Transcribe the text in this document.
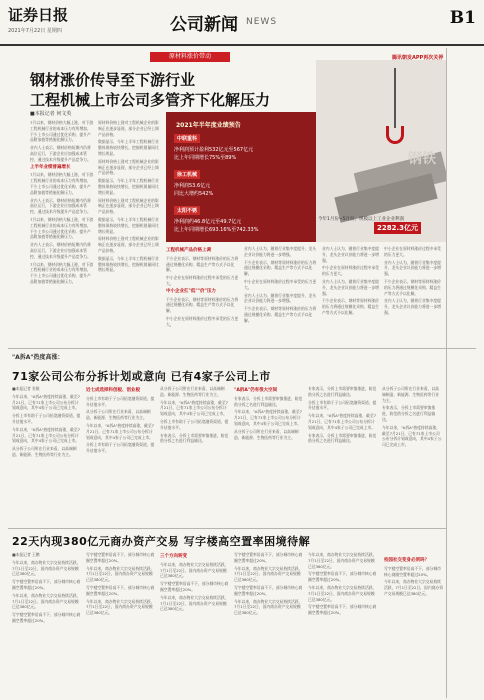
证券日报
2021年7月22日 星期四	公司新闻 NEWS	B1
原材料涨价带动
钢材涨价传导至下游行业
工程机械上市公司多管齐下化解压力
■本报记者 何文英

7月以来，钢材价格大幅上涨，对下游工程机械行业的成本压力有所增加，不少上市公司通过优化采购、提升产品附加值等措施化解压力。

业内人士表示，钢材价格短期内仍将高位运行，下游企业应加强成本管控，通过技术升级提升产品竞争力。

上半年业绩普遍增长

7月以来，钢材价格大幅上涨，对下游工程机械行业的成本压力有所增加，不少上市公司通过优化采购、提升产品附加值等措施化解压力。

业内人士表示，钢材价格短期内仍将高位运行，下游企业应加强成本管控，通过技术升级提升产品竞争力。

7月以来，钢材价格大幅上涨，对下游工程机械行业的成本压力有所增加，不少上市公司通过优化采购、提升产品附加值等措施化解压力。

业内人士表示，钢材价格短期内仍将高位运行，下游企业应加强成本管控，通过技术升级提升产品竞争力。

7月以来，钢材价格大幅上涨，对下游工程机械行业的成本压力有所增加，不少上市公司通过优化采购、提升产品附加值等措施化解压力。

原材料价格上涨对工程机械企业的影响正在逐步显现，部分企业已经上调产品价格。

数据显示，今年上半年工程机械行业整体保持较快增长，挖掘机销量同比增长明显。

原材料价格上涨对工程机械企业的影响正在逐步显现，部分企业已经上调产品价格。

数据显示，今年上半年工程机械行业整体保持较快增长，挖掘机销量同比增长明显。

原材料价格上涨对工程机械企业的影响正在逐步显现，部分企业已经上调产品价格。

数据显示，今年上半年工程机械行业整体保持较快增长，挖掘机销量同比增长明显。

原材料价格上涨对工程机械企业的影响正在逐步显现，部分企业已经上调产品价格。

数据显示，今年上半年工程机械行业整体保持较快增长，挖掘机销量同比增长明显。

2021年半年度业绩预告
中联重科
净利润预计盈利532亿元至567亿元
比上年同期增长75%至89%
徐工机械
净利润53.6亿元
同比大增约542%
太阳不锈
净利润约46.8亿元至49.7亿元
比上年同期增长693.16%至742.33%
钢铁
今年1月份~5月份，规模以上工业企业利润
2282.3亿元
工程机械产品价格上调

不少企业表示，钢材等原材料涨价的压力将通过规模化采购、精益生产等方式予以化解。

中小企业在原材料涨价过程中承受的压力更大。

中小企业扛"低""价"压力

不少企业表示，钢材等原材料涨价的压力将通过规模化采购、精益生产等方式予以化解。

中小企业在原材料涨价过程中承受的压力更大。

业内人士认为，随着行业集中度提升，龙头企业议价能力将进一步增强。

不少企业表示，钢材等原材料涨价的压力将通过规模化采购、精益生产等方式予以化解。

中小企业在原材料涨价过程中承受的压力更大。

业内人士认为，随着行业集中度提升，龙头企业议价能力将进一步增强。

不少企业表示，钢材等原材料涨价的压力将通过规模化采购、精益生产等方式予以化解。

业内人士认为，随着行业集中度提升，龙头企业议价能力将进一步增强。

中小企业在原材料涨价过程中承受的压力更大。

业内人士认为，随着行业集中度提升，龙头企业议价能力将进一步增强。

不少企业表示，钢材等原材料涨价的压力将通过规模化采购、精益生产等方式予以化解。

中小企业在原材料涨价过程中承受的压力更大。

业内人士认为，随着行业集中度提升，龙头企业议价能力将进一步增强。

不少企业表示，钢材等原材料涨价的压力将通过规模化采购、精益生产等方式予以化解。

业内人士认为，随着行业集中度提升，龙头企业议价能力将进一步增强。

"A拆A"热度高涨：
71家公司公布分拆计划或意向 已有4家子公司上市

■本报记者 张敏

今年以来，"A拆A"热度持续高涨，截至7月21日，已有71家上市公司公布分拆计划或意向，其中4家子公司已完成上市。

分拆上市有助于子公司拓宽融资渠道，提升估值水平。

今年以来，"A拆A"热度持续高涨，截至7月21日，已有71家上市公司公布分拆计划或意向，其中4家子公司已完成上市。

从分拆子公司所在行业来看，以高端制造、新能源、生物医药等行业为主。

近七成选择科创板、创业板

分拆上市有助于子公司拓宽融资渠道，提升估值水平。

从分拆子公司所在行业来看，以高端制造、新能源、生物医药等行业为主。

今年以来，"A拆A"热度持续高涨，截至7月21日，已有71家上市公司公布分拆计划或意向，其中4家子公司已完成上市。

分拆上市有助于子公司拓宽融资渠道，提升估值水平。

从分拆子公司所在行业来看，以高端制造、新能源、生物医药等行业为主。

今年以来，"A拆A"热度持续高涨，截至7月21日，已有71家上市公司公布分拆计划或意向，其中4家子公司已完成上市。

分拆上市有助于子公司拓宽融资渠道，提升估值水平。

专家表示，分拆上市需要审慎推进，防范借分拆之名进行利益输送。

"A拆A"仍有很大空间

专家表示，分拆上市需要审慎推进，防范借分拆之名进行利益输送。

今年以来，"A拆A"热度持续高涨，截至7月21日，已有71家上市公司公布分拆计划或意向，其中4家子公司已完成上市。

从分拆子公司所在行业来看，以高端制造、新能源、生物医药等行业为主。

专家表示，分拆上市需要审慎推进，防范借分拆之名进行利益输送。

分拆上市有助于子公司拓宽融资渠道，提升估值水平。

今年以来，"A拆A"热度持续高涨，截至7月21日，已有71家上市公司公布分拆计划或意向，其中4家子公司已完成上市。

专家表示，分拆上市需要审慎推进，防范借分拆之名进行利益输送。

从分拆子公司所在行业来看，以高端制造、新能源、生物医药等行业为主。

专家表示，分拆上市需要审慎推进，防范借分拆之名进行利益输送。

今年以来，"A拆A"热度持续高涨，截至7月21日，已有71家上市公司公布分拆计划或意向，其中4家子公司已完成上市。

22天内现380亿元商办资产交易 写字楼高空置率困境待解

■本报记者 王鹏

今年以来，商办物业大宗交易持续活跃，7月1日至22日，国内商办资产交易规模已达380亿元。

写字楼空置率居高不下，部分城市核心商圈空置率超过20%。

今年以来，商办物业大宗交易持续活跃，7月1日至22日，国内商办资产交易规模已达380亿元。

写字楼空置率居高不下，部分城市核心商圈空置率超过20%。

写字楼空置率居高不下，部分城市核心商圈空置率超过20%。

今年以来，商办物业大宗交易持续活跃，7月1日至22日，国内商办资产交易规模已达380亿元。

写字楼空置率居高不下，部分城市核心商圈空置率超过20%。

今年以来，商办物业大宗交易持续活跃，7月1日至22日，国内商办资产交易规模已达380亿元。

三个方向转变

今年以来，商办物业大宗交易持续活跃，7月1日至22日，国内商办资产交易规模已达380亿元。

写字楼空置率居高不下，部分城市核心商圈空置率超过20%。

今年以来，商办物业大宗交易持续活跃，7月1日至22日，国内商办资产交易规模已达380亿元。

写字楼空置率居高不下，部分城市核心商圈空置率超过20%。

今年以来，商办物业大宗交易持续活跃，7月1日至22日，国内商办资产交易规模已达380亿元。

写字楼空置率居高不下，部分城市核心商圈空置率超过20%。

今年以来，商办物业大宗交易持续活跃，7月1日至22日，国内商办资产交易规模已达380亿元。

今年以来，商办物业大宗交易持续活跃，7月1日至22日，国内商办资产交易规模已达380亿元。

写字楼空置率居高不下，部分城市核心商圈空置率超过20%。

今年以来，商办物业大宗交易持续活跃，7月1日至22日，国内商办资产交易规模已达380亿元。

写字楼空置率居高不下，部分城市核心商圈空置率超过20%。

校园社交变身必须吗？

写字楼空置率居高不下，部分城市核心商圈空置率超过20%。

今年以来，商办物业大宗交易持续活跃，7月1日至22日，国内商办资产交易规模已达380亿元。

腾讯朝发APP再次关停
